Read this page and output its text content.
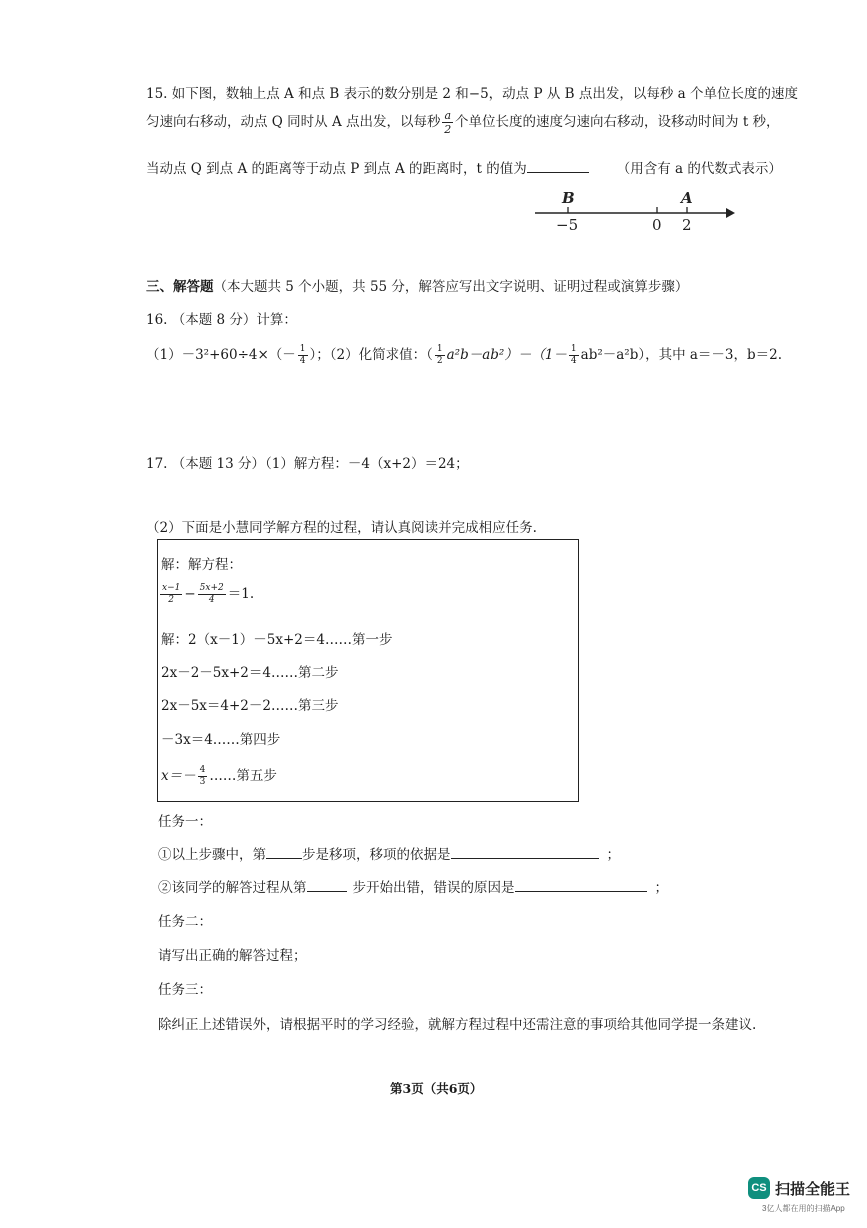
15. 如下图，数轴上点 A 和点 B 表示的数分别是 2 和−5，动点 P 从 B 点出发，以每秒 a 个单位长度的速度
匀速向右移动，动点 Q 同时从 A 点出发，以每秒 $\frac{a}{2}$ 个单位长度的速度匀速向右移动，设移动时间为 t 秒，
当动点 Q 到点 A 的距离等于动点 P 到点 A 的距离时，t 的值为	（用含有 a 的代数式表示）
B	A
−5	0 2
三、解答题（本大题共 5 个小题，共 55 分，解答应写出文字说明、证明过程或演算步骤）
16. （本题 8 分）计算：
$(1)-3^2+60\div 4\times(- \frac{1}{4}$ ）；（2）化简求值：（ $\frac{1}{2} a^2b-ab^2)-(1- \frac{1}{4} ab^2-a^2b)$，其中 a＝－3，b＝2.
17. （本题 13 分）（1）解方程：－4（x+2）＝24；
（2）下面是小慧同学解方程的过程，请认真阅读并完成相应任务.
解：解方程：
$\frac{x-1}{2} - \frac{5x+2}{4} =1$.
解：2（x－1）－5x+2＝4……第一步
2x－2－5x+2＝4……第二步
2x－5x＝4+2－2……第三步
－3x＝4……第四步
$x=- \frac{4}{3}$ ……第五步
任务一：
①以上步骤中，第	步是移项，移项的依据是	；
②该同学的解答过程从第	步开始出错，错误的原因是	；
任务二：
请写出正确的解答过程；
任务三：
除纠正上述错误外，请根据平时的学习经验，就解方程过程中还需注意的事项给其他同学提一条建议.
第3页（共6页）
CS 扫描全能王
3亿人都在用的扫描App
